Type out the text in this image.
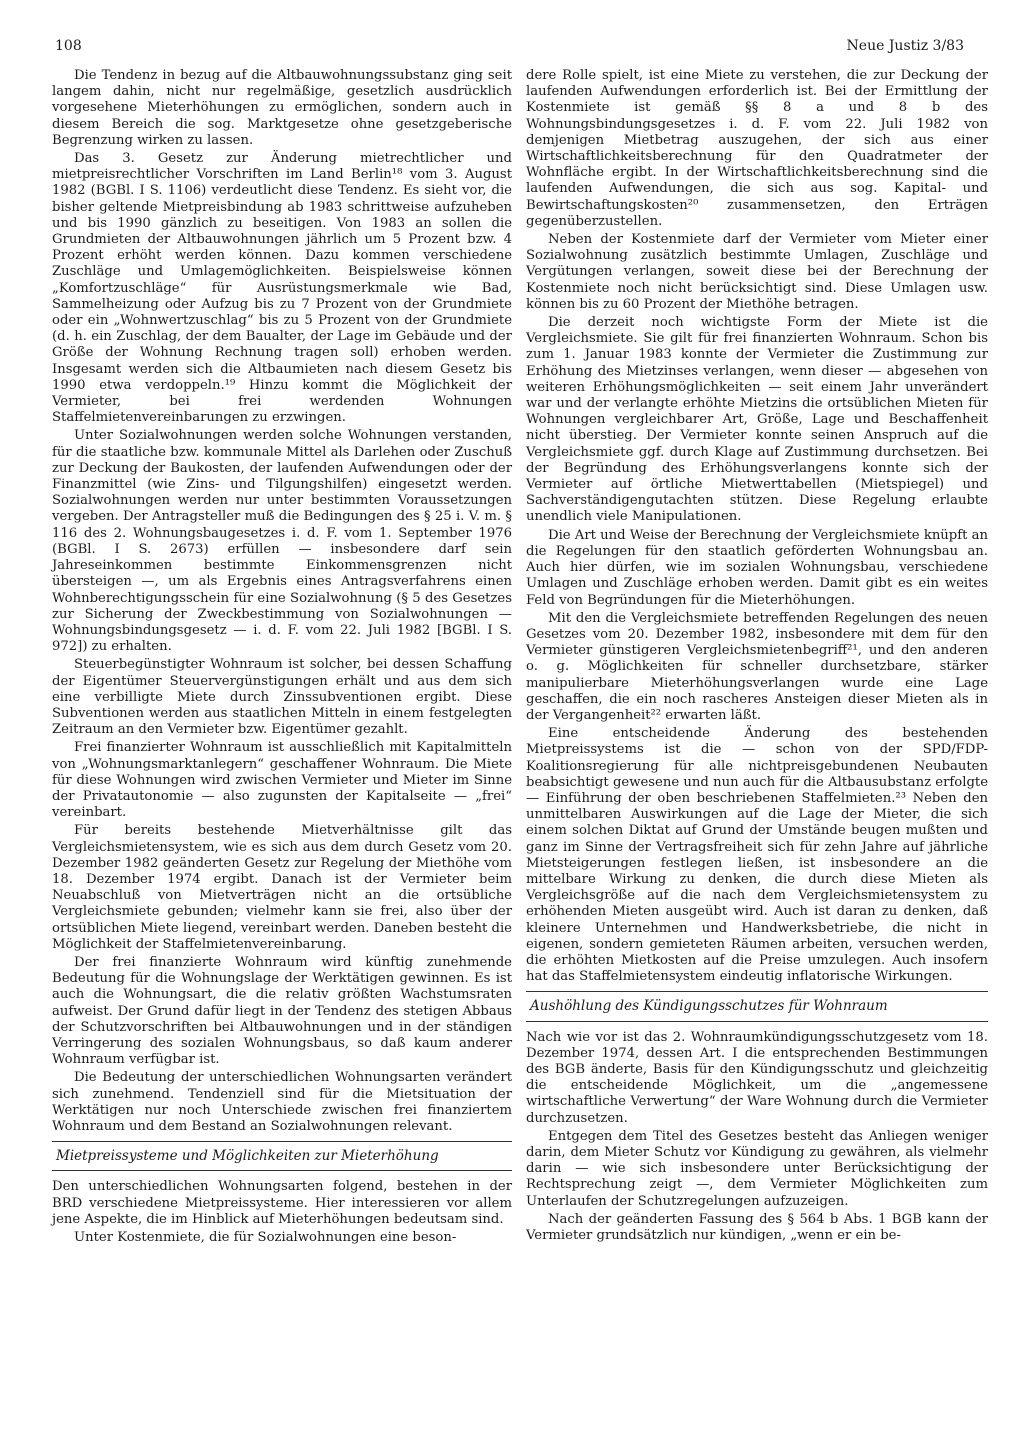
108	Neue Justiz 3/83

Die Tendenz in bezug auf die Altbauwohnungssubstanz ging seit langem dahin, nicht nur regelmäßige, gesetzlich ausdrücklich vorgesehene Mieterhöhungen zu ermöglichen, sondern auch in diesem Bereich die sog. Marktgesetze ohne gesetzgeberische Begrenzung wirken zu lassen.

Das 3. Gesetz zur Änderung mietrechtlicher und mietpreisrechtlicher Vorschriften im Land Berlin¹⁸ vom 3. August 1982 (BGBl. I S. 1106) verdeutlicht diese Tendenz. Es sieht vor, die bisher geltende Mietpreisbindung ab 1983 schrittweise aufzuheben und bis 1990 gänzlich zu beseitigen. Von 1983 an sollen die Grundmieten der Altbauwohnungen jährlich um 5 Prozent bzw. 4 Prozent erhöht werden können. Dazu kommen verschiedene Zuschläge und Umlagemöglichkeiten. Beispielsweise können „Komfortzuschläge“ für Ausrüstungsmerkmale wie Bad, Sammelheizung oder Aufzug bis zu 7 Prozent von der Grundmiete oder ein „Wohnwertzuschlag“ bis zu 5 Prozent von der Grundmiete (d. h. ein Zuschlag, der dem Baualter, der Lage im Gebäude und der Größe der Wohnung Rechnung tragen soll) erhoben werden. Insgesamt werden sich die Altbaumieten nach diesem Gesetz bis 1990 etwa verdoppeln.¹⁹ Hinzu kommt die Möglichkeit der Vermieter, bei frei werdenden Wohnungen Staffelmietenvereinbarungen zu erzwingen.

Unter Sozialwohnungen werden solche Wohnungen verstanden, für die staatliche bzw. kommunale Mittel als Darlehen oder Zuschuß zur Deckung der Baukosten, der laufenden Aufwendungen oder der Finanzmittel (wie Zins- und Tilgungshilfen) eingesetzt werden. Sozialwohnungen werden nur unter bestimmten Voraussetzungen vergeben. Der Antragsteller muß die Bedingungen des § 25 i. V. m. § 116 des 2. Wohnungsbaugesetzes i. d. F. vom 1. September 1976 (BGBl. I S. 2673) erfüllen — insbesondere darf sein Jahreseinkommen bestimmte Einkommensgrenzen nicht übersteigen —, um als Ergebnis eines Antragsverfahrens einen Wohnberechtigungsschein für eine Sozialwohnung (§ 5 des Gesetzes zur Sicherung der Zweckbestimmung von Sozialwohnungen — Wohnungsbindungsgesetz — i. d. F. vom 22. Juli 1982 [BGBl. I S. 972]) zu erhalten.

Steuerbegünstigter Wohnraum ist solcher, bei dessen Schaffung der Eigentümer Steuervergünstigungen erhält und aus dem sich eine verbilligte Miete durch Zinssubventionen ergibt. Diese Subventionen werden aus staatlichen Mitteln in einem festgelegten Zeitraum an den Vermieter bzw. Eigentümer gezahlt.

Frei finanzierter Wohnraum ist ausschließlich mit Kapitalmitteln von „Wohnungsmarktanlegern“ geschaffener Wohnraum. Die Miete für diese Wohnungen wird zwischen Vermieter und Mieter im Sinne der Privatautonomie — also zugunsten der Kapitalseite — „frei“ vereinbart.

Für bereits bestehende Mietverhältnisse gilt das Vergleichsmietensystem, wie es sich aus dem durch Gesetz vom 20. Dezember 1982 geänderten Gesetz zur Regelung der Miethöhe vom 18. Dezember 1974 ergibt. Danach ist der Vermieter beim Neuabschluß von Mietverträgen nicht an die ortsübliche Vergleichsmiete gebunden; vielmehr kann sie frei, also über der ortsüblichen Miete liegend, vereinbart werden. Daneben besteht die Möglichkeit der Staffelmietenvereinbarung.

Der frei finanzierte Wohnraum wird künftig zunehmende Bedeutung für die Wohnungslage der Werktätigen gewinnen. Es ist auch die Wohnungsart, die die relativ größten Wachstumsraten aufweist. Der Grund dafür liegt in der Tendenz des stetigen Abbaus der Schutzvorschriften bei Altbauwohnungen und in der ständigen Verringerung des sozialen Wohnungsbaus, so daß kaum anderer Wohnraum verfügbar ist.

Die Bedeutung der unterschiedlichen Wohnungsarten verändert sich zunehmend. Tendenziell sind für die Mietsituation der Werktätigen nur noch Unterschiede zwischen frei finanziertem Wohnraum und dem Bestand an Sozialwohnungen relevant.

Mietpreissysteme und Möglichkeiten zur Mieterhöhung

Den unterschiedlichen Wohnungsarten folgend, bestehen in der BRD verschiedene Mietpreissysteme. Hier interessieren vor allem jene Aspekte, die im Hinblick auf Mieterhöhungen bedeutsam sind.

Unter Kostenmiete, die für Sozialwohnungen eine beson-

dere Rolle spielt, ist eine Miete zu verstehen, die zur Deckung der laufenden Aufwendungen erforderlich ist. Bei der Ermittlung der Kostenmiete ist gemäß §§ 8 a und 8 b des Wohnungsbindungsgesetzes i. d. F. vom 22. Juli 1982 von demjenigen Mietbetrag auszugehen, der sich aus einer Wirtschaftlichkeitsberechnung für den Quadratmeter der Wohnfläche ergibt. In der Wirtschaftlichkeitsberechnung sind die laufenden Aufwendungen, die sich aus sog. Kapital- und Bewirtschaftungskosten²⁰ zusammensetzen, den Erträgen gegenüberzustellen.

Neben der Kostenmiete darf der Vermieter vom Mieter einer Sozialwohnung zusätzlich bestimmte Umlagen, Zuschläge und Vergütungen verlangen, soweit diese bei der Berechnung der Kostenmiete noch nicht berücksichtigt sind. Diese Umlagen usw. können bis zu 60 Prozent der Miethöhe betragen.

Die derzeit noch wichtigste Form der Miete ist die Vergleichsmiete. Sie gilt für frei finanzierten Wohnraum. Schon bis zum 1. Januar 1983 konnte der Vermieter die Zustimmung zur Erhöhung des Mietzinses verlangen, wenn dieser — abgesehen von weiteren Erhöhungsmöglichkeiten — seit einem Jahr unverändert war und der verlangte erhöhte Mietzins die ortsüblichen Mieten für Wohnungen vergleichbarer Art, Größe, Lage und Beschaffenheit nicht überstieg. Der Vermieter konnte seinen Anspruch auf die Vergleichsmiete ggf. durch Klage auf Zustimmung durchsetzen. Bei der Begründung des Erhöhungsverlangens konnte sich der Vermieter auf örtliche Mietwerttabellen (Mietspiegel) und Sachverständigengutachten stützen. Diese Regelung erlaubte unendlich viele Manipulationen.

Die Art und Weise der Berechnung der Vergleichsmiete knüpft an die Regelungen für den staatlich geförderten Wohnungsbau an. Auch hier dürfen, wie im sozialen Wohnungsbau, verschiedene Umlagen und Zuschläge erhoben werden. Damit gibt es ein weites Feld von Begründungen für die Mieterhöhungen.

Mit den die Vergleichsmiete betreffenden Regelungen des neuen Gesetzes vom 20. Dezember 1982, insbesondere mit dem für den Vermieter günstigeren Vergleichsmietenbegriff²¹, und den anderen o. g. Möglichkeiten für schneller durchsetzbare, stärker manipulierbare Mieterhöhungsverlangen wurde eine Lage geschaffen, die ein noch rascheres Ansteigen dieser Mieten als in der Vergangenheit²² erwarten läßt.

Eine entscheidende Änderung des bestehenden Mietpreissystems ist die — schon von der SPD/FDP-Koalitionsregierung für alle nichtpreisgebundenen Neubauten beabsichtigt gewesene und nun auch für die Altbausubstanz erfolgte — Einführung der oben beschriebenen Staffelmieten.²³ Neben den unmittelbaren Auswirkungen auf die Lage der Mieter, die sich einem solchen Diktat auf Grund der Umstände beugen mußten und ganz im Sinne der Vertragsfreiheit sich für zehn Jahre auf jährliche Mietsteigerungen festlegen ließen, ist insbesondere an die mittelbare Wirkung zu denken, die durch diese Mieten als Vergleichsgröße auf die nach dem Vergleichsmietensystem zu erhöhenden Mieten ausgeübt wird. Auch ist daran zu denken, daß kleinere Unternehmen und Handwerksbetriebe, die nicht in eigenen, sondern gemieteten Räumen arbeiten, versuchen werden, die erhöhten Mietkosten auf die Preise umzulegen. Auch insofern hat das Staffelmietensystem eindeutig inflatorische Wirkungen.

Aushöhlung des Kündigungsschutzes für Wohnraum

Nach wie vor ist das 2. Wohnraumkündigungsschutzgesetz vom 18. Dezember 1974, dessen Art. I die entsprechenden Bestimmungen des BGB änderte, Basis für den Kündigungsschutz und gleichzeitig die entscheidende Möglichkeit, um die „angemessene wirtschaftliche Verwertung“ der Ware Wohnung durch die Vermieter durchzusetzen.

Entgegen dem Titel des Gesetzes besteht das Anliegen weniger darin, dem Mieter Schutz vor Kündigung zu gewähren, als vielmehr darin — wie sich insbesondere unter Berücksichtigung der Rechtsprechung zeigt —, dem Vermieter Möglichkeiten zum Unterlaufen der Schutzregelungen aufzuzeigen.

Nach der geänderten Fassung des § 564 b Abs. 1 BGB kann der Vermieter grundsätzlich nur kündigen, „wenn er ein be-
